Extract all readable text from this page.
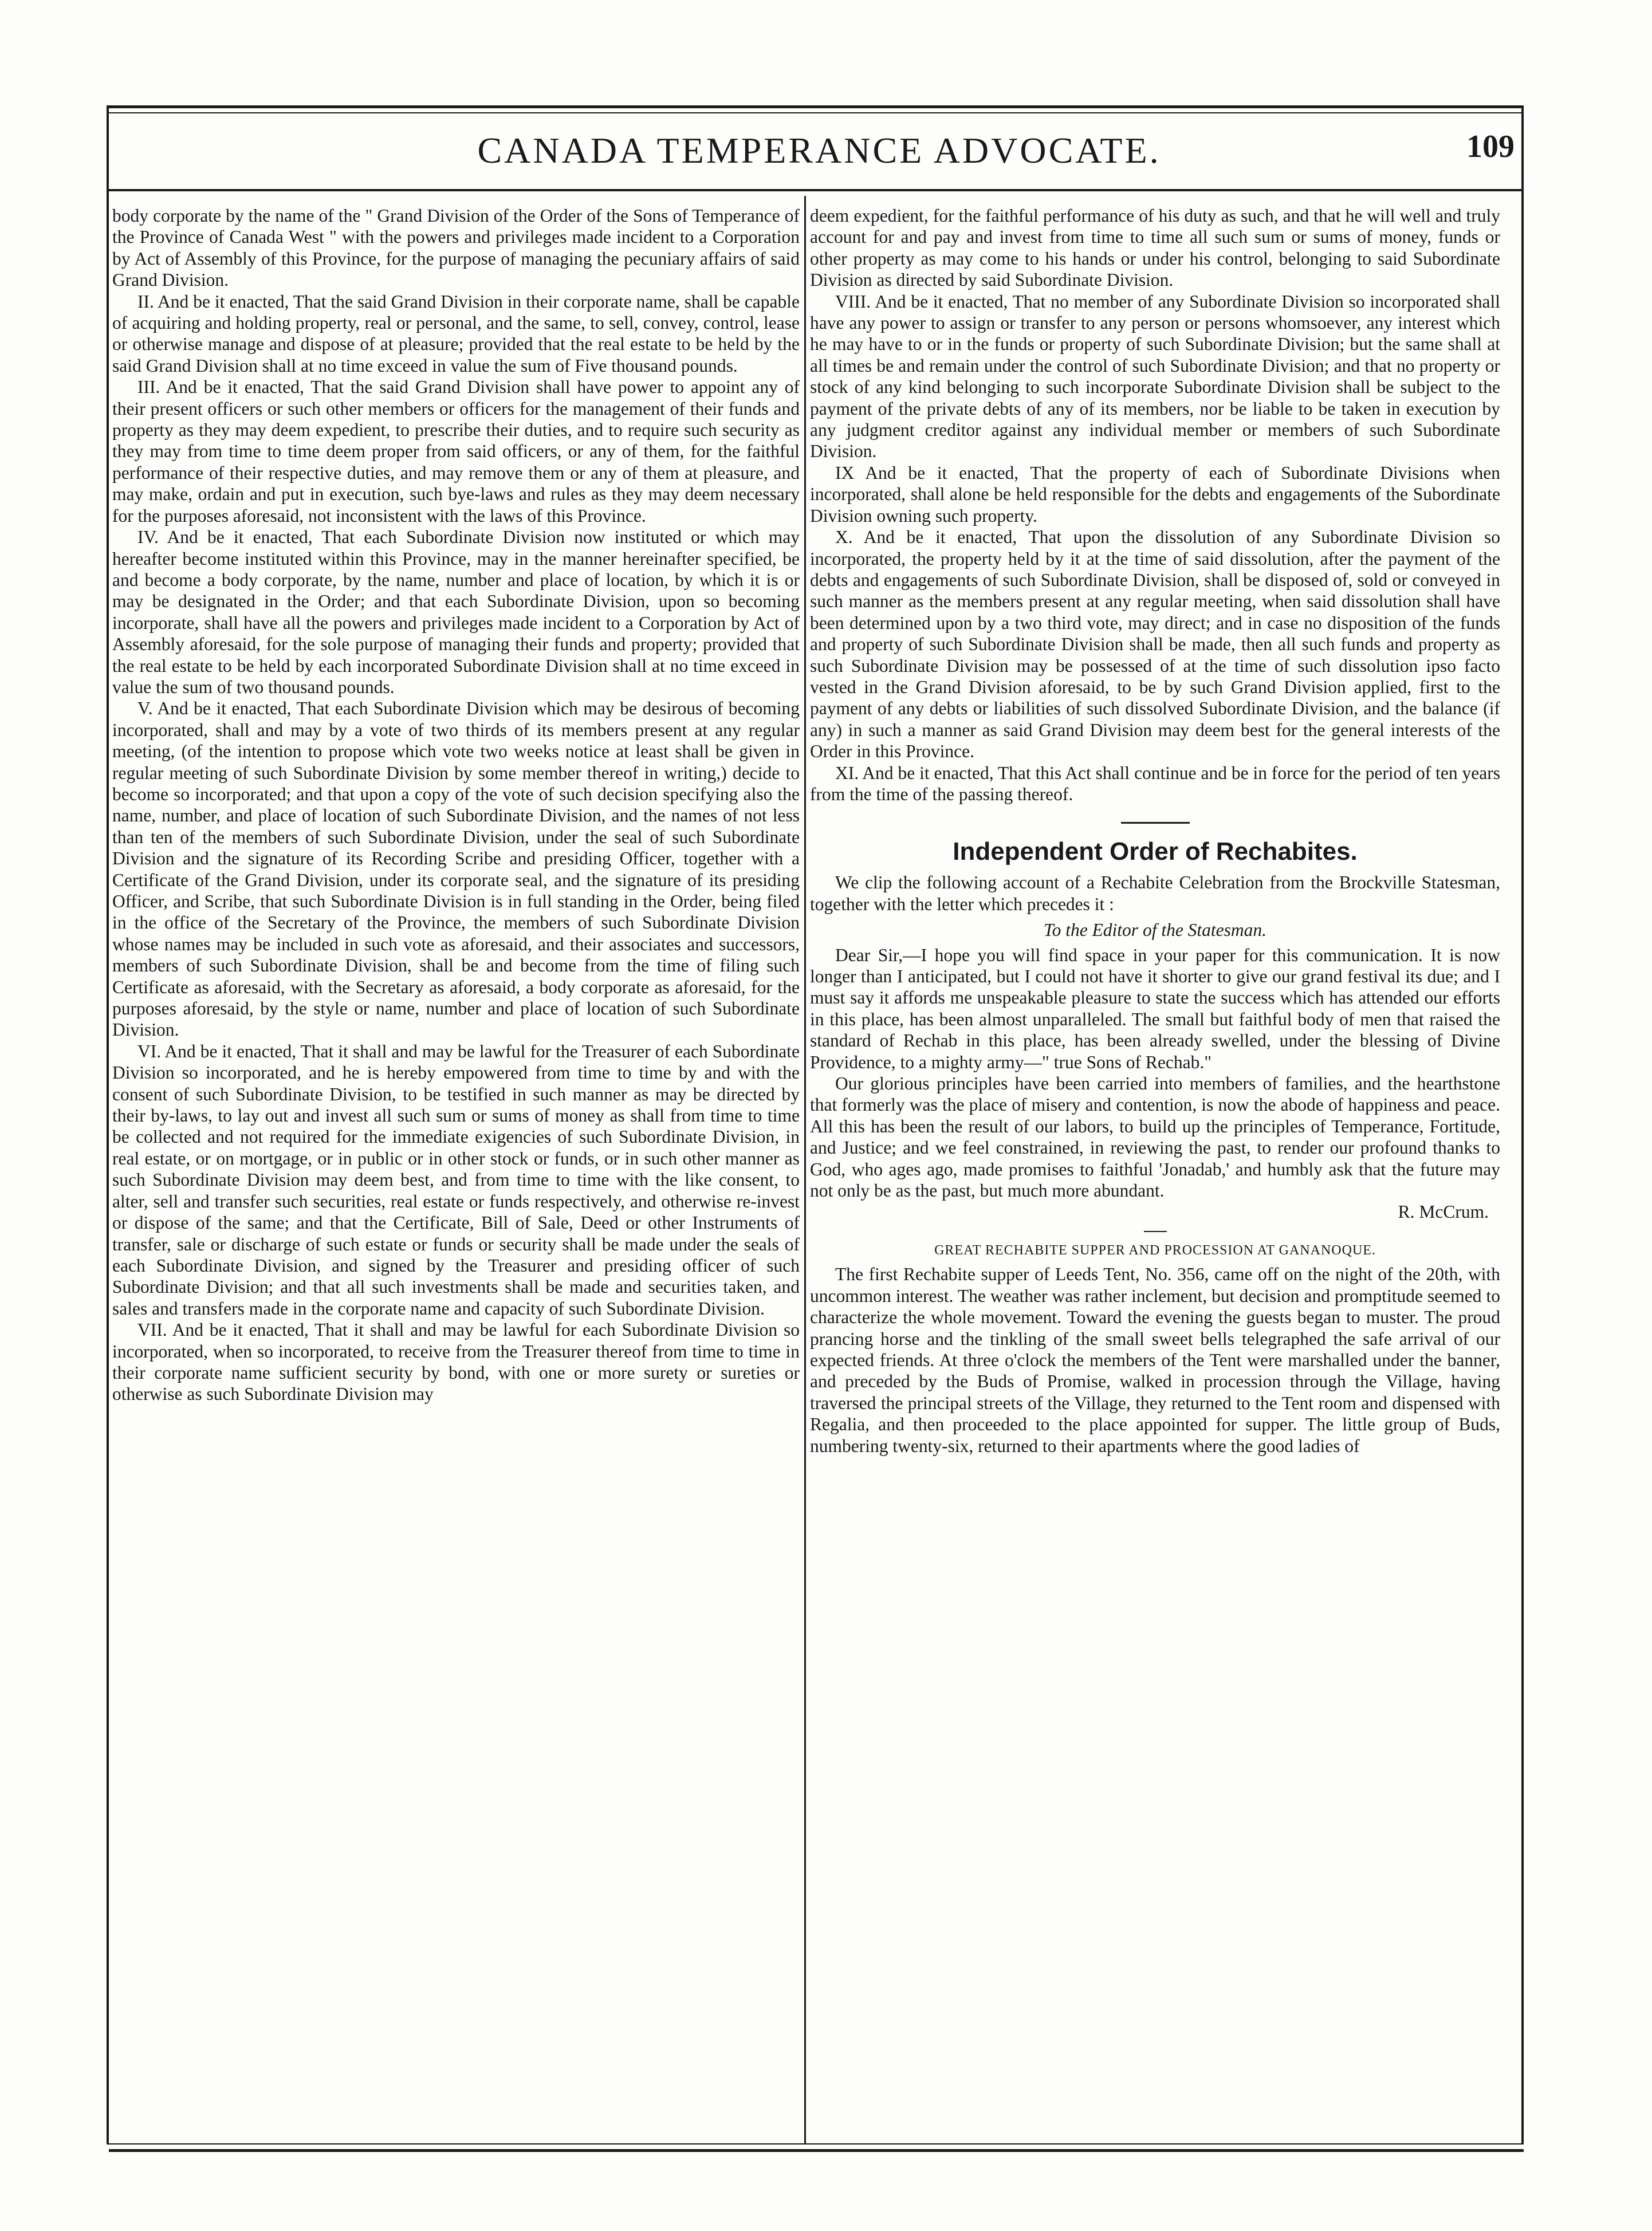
CANADA TEMPERANCE ADVOCATE.	109

body corporate by the name of the " Grand Division of the Order of the Sons of Temperance of the Province of Canada West " with the powers and privileges made incident to a Corporation by Act of Assembly of this Province, for the purpose of managing the pecuniary affairs of said Grand Division.

II. And be it enacted, That the said Grand Division in their corporate name, shall be capable of acquiring and holding property, real or personal, and the same, to sell, convey, control, lease or otherwise manage and dispose of at pleasure; provided that the real estate to be held by the said Grand Division shall at no time exceed in value the sum of Five thousand pounds.

III. And be it enacted, That the said Grand Division shall have power to appoint any of their present officers or such other members or officers for the management of their funds and property as they may deem expedient, to prescribe their duties, and to require such security as they may from time to time deem proper from said officers, or any of them, for the faithful performance of their respective duties, and may remove them or any of them at pleasure, and may make, ordain and put in execution, such bye-laws and rules as they may deem necessary for the purposes aforesaid, not inconsistent with the laws of this Province.

IV. And be it enacted, That each Subordinate Division now instituted or which may hereafter become instituted within this Province, may in the manner hereinafter specified, be and become a body corporate, by the name, number and place of location, by which it is or may be designated in the Order; and that each Subordinate Division, upon so becoming incorporate, shall have all the powers and privileges made incident to a Corporation by Act of Assembly aforesaid, for the sole purpose of managing their funds and property; provided that the real estate to be held by each incorporated Subordinate Division shall at no time exceed in value the sum of two thousand pounds.

V. And be it enacted, That each Subordinate Division which may be desirous of becoming incorporated, shall and may by a vote of two thirds of its members present at any regular meeting, (of the intention to propose which vote two weeks notice at least shall be given in regular meeting of such Subordinate Division by some member thereof in writing,) decide to become so incorporated; and that upon a copy of the vote of such decision specifying also the name, number, and place of location of such Subordinate Division, and the names of not less than ten of the members of such Subordinate Division, under the seal of such Subordinate Division and the signature of its Recording Scribe and presiding Officer, together with a Certificate of the Grand Division, under its corporate seal, and the signature of its presiding Officer, and Scribe, that such Subordinate Division is in full standing in the Order, being filed in the office of the Secretary of the Province, the members of such Subordinate Division whose names may be included in such vote as aforesaid, and their associates and successors, members of such Subordinate Division, shall be and become from the time of filing such Certificate as aforesaid, with the Secretary as aforesaid, a body corporate as aforesaid, for the purposes aforesaid, by the style or name, number and place of location of such Subordinate Division.

VI. And be it enacted, That it shall and may be lawful for the Treasurer of each Subordinate Division so incorporated, and he is hereby empowered from time to time by and with the consent of such Subordinate Division, to be testified in such manner as may be directed by their by-laws, to lay out and invest all such sum or sums of money as shall from time to time be collected and not required for the immediate exigencies of such Subordinate Division, in real estate, or on mortgage, or in public or in other stock or funds, or in such other manner as such Subordinate Division may deem best, and from time to time with the like consent, to alter, sell and transfer such securities, real estate or funds respectively, and otherwise re-invest or dispose of the same; and that the Certificate, Bill of Sale, Deed or other Instruments of transfer, sale or discharge of such estate or funds or security shall be made under the seals of each Subordinate Division, and signed by the Treasurer and presiding officer of such Subordinate Division; and that all such investments shall be made and securities taken, and sales and transfers made in the corporate name and capacity of such Subordinate Division.

VII. And be it enacted, That it shall and may be lawful for each Subordinate Division so incorporated, when so incorporated, to receive from the Treasurer thereof from time to time in their corporate name sufficient security by bond, with one or more surety or sureties or otherwise as such Subordinate Division may

deem expedient, for the faithful performance of his duty as such, and that he will well and truly account for and pay and invest from time to time all such sum or sums of money, funds or other property as may come to his hands or under his control, belonging to said Subordinate Division as directed by said Subordinate Division.

VIII. And be it enacted, That no member of any Subordinate Division so incorporated shall have any power to assign or transfer to any person or persons whomsoever, any interest which he may have to or in the funds or property of such Subordinate Division; but the same shall at all times be and remain under the control of such Subordinate Division; and that no property or stock of any kind belonging to such incorporate Subordinate Division shall be subject to the payment of the private debts of any of its members, nor be liable to be taken in execution by any judgment creditor against any individual member or members of such Subordinate Division.

IX And be it enacted, That the property of each of Subordinate Divisions when incorporated, shall alone be held responsible for the debts and engagements of the Subordinate Division owning such property.

X. And be it enacted, That upon the dissolution of any Subordinate Division so incorporated, the property held by it at the time of said dissolution, after the payment of the debts and engagements of such Subordinate Division, shall be disposed of, sold or conveyed in such manner as the members present at any regular meeting, when said dissolution shall have been determined upon by a two third vote, may direct; and in case no disposition of the funds and property of such Subordinate Division shall be made, then all such funds and property as such Subordinate Division may be possessed of at the time of such dissolution ipso facto vested in the Grand Division aforesaid, to be by such Grand Division applied, first to the payment of any debts or liabilities of such dissolved Subordinate Division, and the balance (if any) in such a manner as said Grand Division may deem best for the general interests of the Order in this Province.

XI. And be it enacted, That this Act shall continue and be in force for the period of ten years from the time of the passing thereof.

Independent Order of Rechabites.

We clip the following account of a Rechabite Celebration from the Brockville Statesman, together with the letter which precedes it :

To the Editor of the Statesman.

Dear Sir,—I hope you will find space in your paper for this communication. It is now longer than I anticipated, but I could not have it shorter to give our grand festival its due; and I must say it affords me unspeakable pleasure to state the success which has attended our efforts in this place, has been almost unparalleled. The small but faithful body of men that raised the standard of Rechab in this place, has been already swelled, under the blessing of Divine Providence, to a mighty army—" true Sons of Rechab."

Our glorious principles have been carried into members of families, and the hearthstone that formerly was the place of misery and contention, is now the abode of happiness and peace. All this has been the result of our labors, to build up the principles of Temperance, Fortitude, and Justice; and we feel constrained, in reviewing the past, to render our profound thanks to God, who ages ago, made promises to faithful 'Jonadab,' and humbly ask that the future may not only be as the past, but much more abundant.

R. McCrum.
GREAT RECHABITE SUPPER AND PROCESSION AT GANANOQUE.

The first Rechabite supper of Leeds Tent, No. 356, came off on the night of the 20th, with uncommon interest. The weather was rather inclement, but decision and promptitude seemed to characterize the whole movement. Toward the evening the guests began to muster. The proud prancing horse and the tinkling of the small sweet bells telegraphed the safe arrival of our expected friends. At three o'clock the members of the Tent were marshalled under the banner, and preceded by the Buds of Promise, walked in procession through the Village, having traversed the principal streets of the Village, they returned to the Tent room and dispensed with Regalia, and then proceeded to the place appointed for supper. The little group of Buds, numbering twenty-six, returned to their apartments where the good ladies of
